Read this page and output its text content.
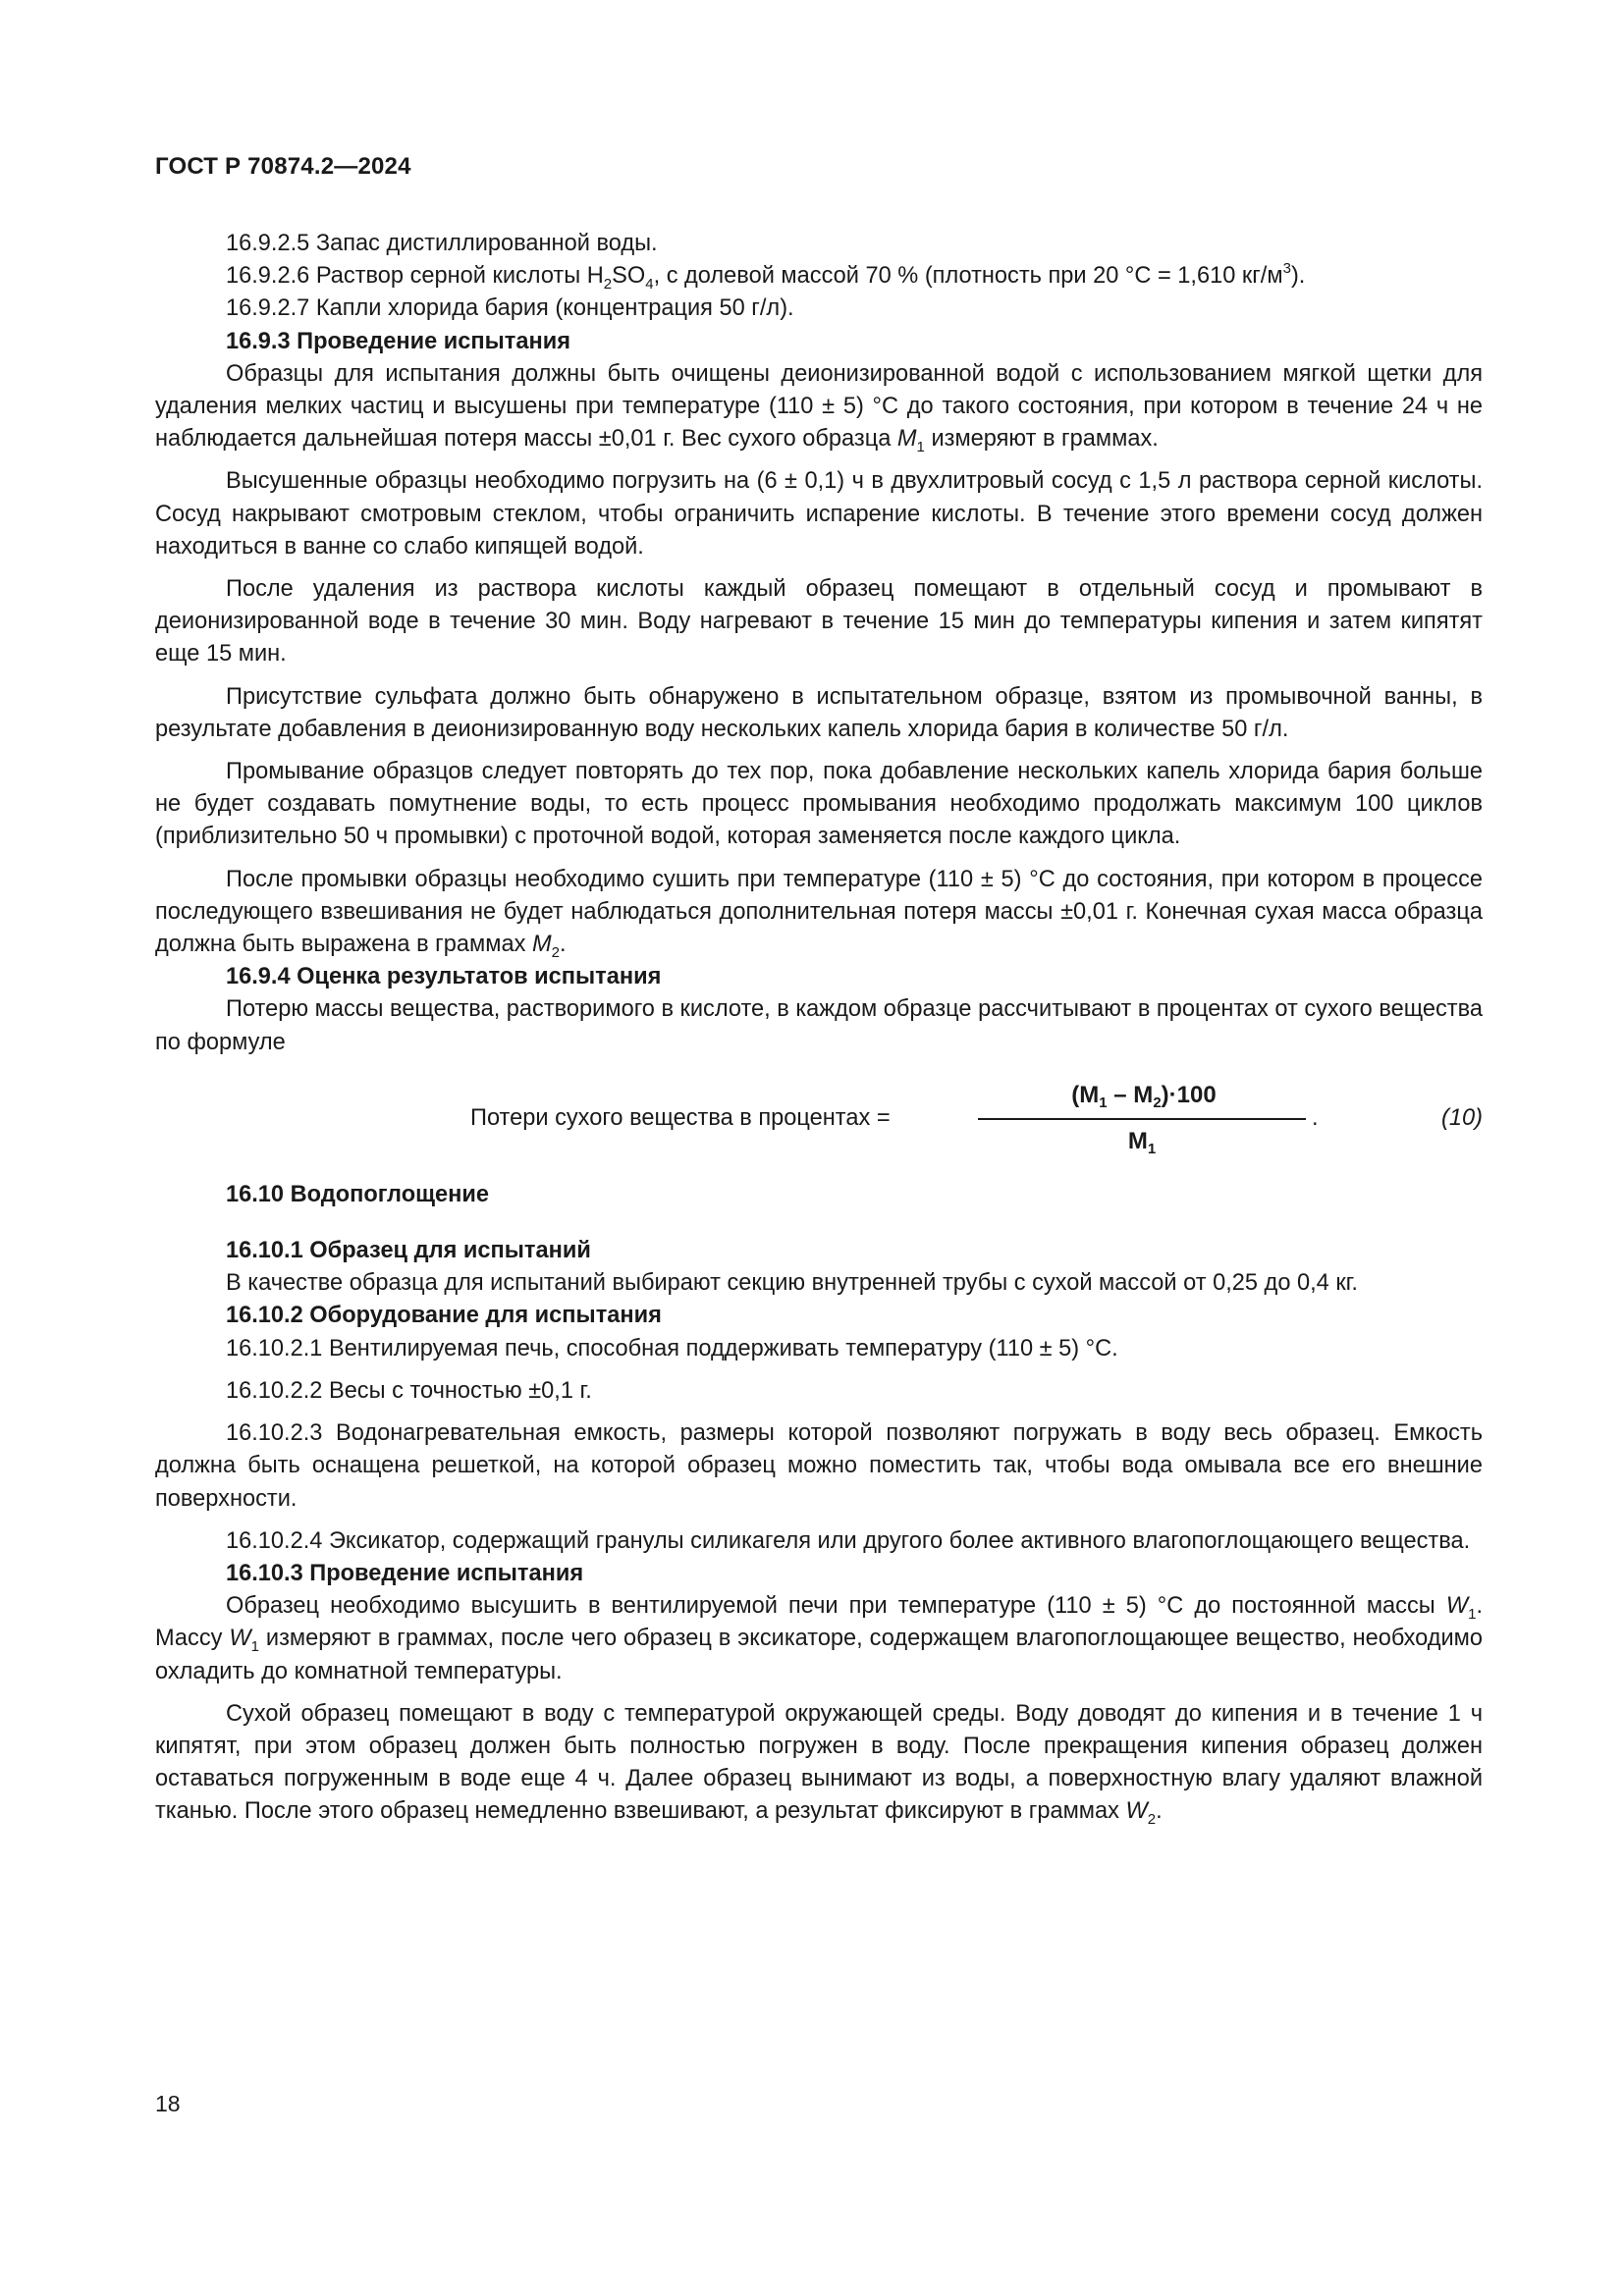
ГОСТ Р 70874.2—2024

16.9.2.5 Запас дистиллированной воды.

16.9.2.6 Раствор серной кислоты $H_2SO_4$, с долевой массой 70 % (плотность при 20 °С = 1,610 $кг/м^3$).

16.9.2.7 Капли хлорида бария (концентрация 50 г/л).

16.9.3 Проведение испытания

Образцы для испытания должны быть очищены деионизированной водой с использованием мягкой щетки для удаления мелких частиц и высушены при температуре (110 ± 5) °С до такого состояния, при котором в течение 24 ч не наблюдается дальнейшая потеря массы ±0,01 г. Вес сухого образца $M_1$ измеряют в граммах.

Высушенные образцы необходимо погрузить на (6 ± 0,1) ч в двухлитровый сосуд с 1,5 л раствора серной кислоты. Сосуд накрывают смотровым стеклом, чтобы ограничить испарение кислоты. В течение этого времени сосуд должен находиться в ванне со слабо кипящей водой.

После удаления из раствора кислоты каждый образец помещают в отдельный сосуд и промывают в деионизированной воде в течение 30 мин. Воду нагревают в течение 15 мин до температуры кипения и затем кипятят еще 15 мин.

Присутствие сульфата должно быть обнаружено в испытательном образце, взятом из промывочной ванны, в результате добавления в деионизированную воду нескольких капель хлорида бария в количестве 50 г/л.

Промывание образцов следует повторять до тех пор, пока добавление нескольких капель хлорида бария больше не будет создавать помутнение воды, то есть процесс промывания необходимо продолжать максимум 100 циклов (приблизительно 50 ч промывки) с проточной водой, которая заменяется после каждого цикла.

После промывки образцы необходимо сушить при температуре (110 ± 5) °С до состояния, при котором в процессе последующего взвешивания не будет наблюдаться дополнительная потеря массы ±0,01 г. Конечная сухая масса образца должна быть выражена в граммах $M_2$.

16.9.4 Оценка результатов испытания

Потерю массы вещества, растворимого в кислоте, в каждом образце рассчитывают в процентах от сухого вещества по формуле

Потери сухого вещества в процентах =
$(M_1 - M_2)\cdot 100$
$M_1$
.	(10)

16.10 Водопоглощение

16.10.1 Образец для испытаний

В качестве образца для испытаний выбирают секцию внутренней трубы с сухой массой от 0,25 до 0,4 кг.

16.10.2 Оборудование для испытания

16.10.2.1 Вентилируемая печь, способная поддерживать температуру (110 ± 5) °С.

16.10.2.2 Весы с точностью ±0,1 г.

16.10.2.3 Водонагревательная емкость, размеры которой позволяют погружать в воду весь образец. Емкость должна быть оснащена решеткой, на которой образец можно поместить так, чтобы вода омывала все его внешние поверхности.

16.10.2.4 Эксикатор, содержащий гранулы силикагеля или другого более активного влагопоглощающего вещества.

16.10.3 Проведение испытания

Образец необходимо высушить в вентилируемой печи при температуре (110 ± 5) °С до постоянной массы $W_1$. Массу $W_1$ измеряют в граммах, после чего образец в эксикаторе, содержащем влагопоглощающее вещество, необходимо охладить до комнатной температуры.

Сухой образец помещают в воду с температурой окружающей среды. Воду доводят до кипения и в течение 1 ч кипятят, при этом образец должен быть полностью погружен в воду. После прекращения кипения образец должен оставаться погруженным в воде еще 4 ч. Далее образец вынимают из воды, а поверхностную влагу удаляют влажной тканью. После этого образец немедленно взвешивают, а результат фиксируют в граммах $W_2$.

18
